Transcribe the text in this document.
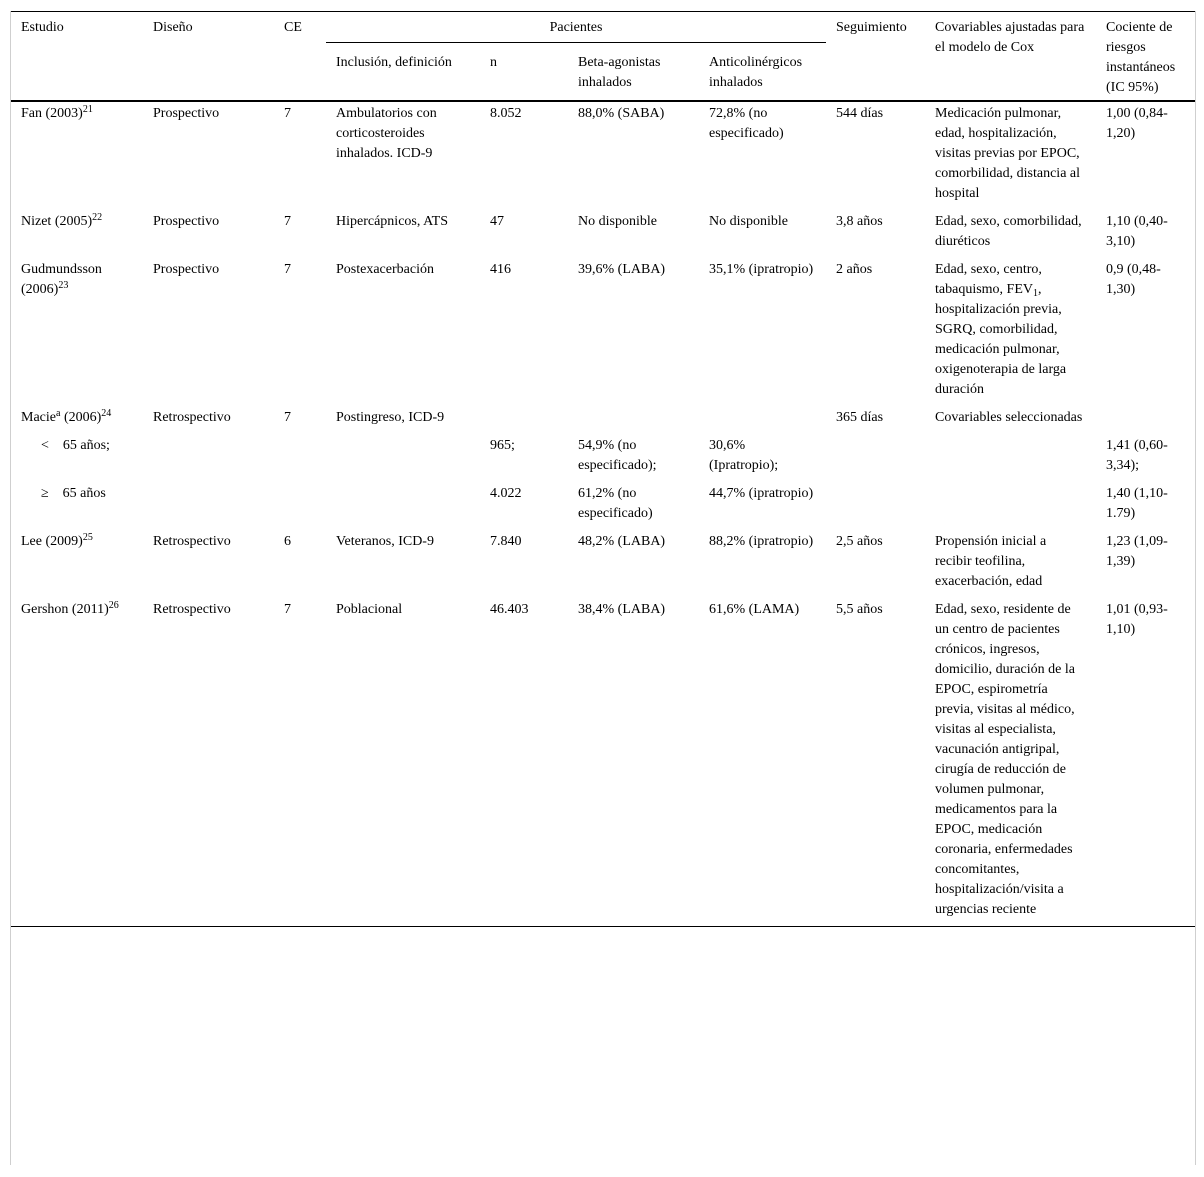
Estudio	Diseño	CE	Pacientes				Seguimiento	Covariables ajustadas para el modelo de Cox	Cociente de riesgos instantáneos (IC 95%)
			Inclusión, definición	n	Beta-agonistas inhalados	Anticolinérgicos inhalados			
Fan $(2003)^{21}$	Prospectivo	7	Ambulatorios con corticosteroides inhalados. ICD-9	8.052	88,0% (SABA)	72,8% (no especificado)	544 días	Medicación pulmonar, edad, hospitalización, visitas previas por EPOC, comorbilidad, distancia al hospital	1,00 (0,84-1,20)
Nizet $(2005)^{22}$	Prospectivo	7	Hipercápnicos, ATS	47	No disponible	No disponible	3,8 años	Edad, sexo, comorbilidad, diuréticos	1,10 (0,40-3,10)
Gudmundsson $(2006)^{23}$	Prospectivo	7	Postexacerbación	416	39,6% (LABA)	35,1% (ipratropio)	2 años	Edad, sexo, centro, tabaquismo, $FEV_1$, hospitalización previa, SGRQ, comorbilidad, medicación pulmonar, oxigenoterapia de larga duración	0,9 (0,48-1,30)
Macie$^a$ $(2006)^{24}$	Retrospectivo	7	Postingreso, ICD-9				365 días	Covariables seleccionadas	
<    65 años;				965;	54,9% (no especificado);	30,6% (Ipratropio);			1,41 (0,60-3,34);
≥    65 años				4.022	61,2% (no especificado)	44,7% (ipratropio)			1,40 (1,10-1.79)
Lee $(2009)^{25}$	Retrospectivo	6	Veteranos, ICD-9	7.840	48,2% (LABA)	88,2% (ipratropio)	2,5 años	Propensión inicial a recibir teofilina, exacerbación, edad	1,23 (1,09-1,39)
Gershon $(2011)^{26}$	Retrospectivo	7	Poblacional	46.403	38,4% (LABA)	61,6% (LAMA)	5,5 años	Edad, sexo, residente de un centro de pacientes crónicos, ingresos, domicilio, duración de la EPOC, espirometría previa, visitas al médico, visitas al especialista, vacunación antigripal, cirugía de reducción de volumen pulmonar, medicamentos para la EPOC, medicación coronaria, enfermedades concomitantes, hospitalización/visita a urgencias reciente	1,01 (0,93-1,10)
